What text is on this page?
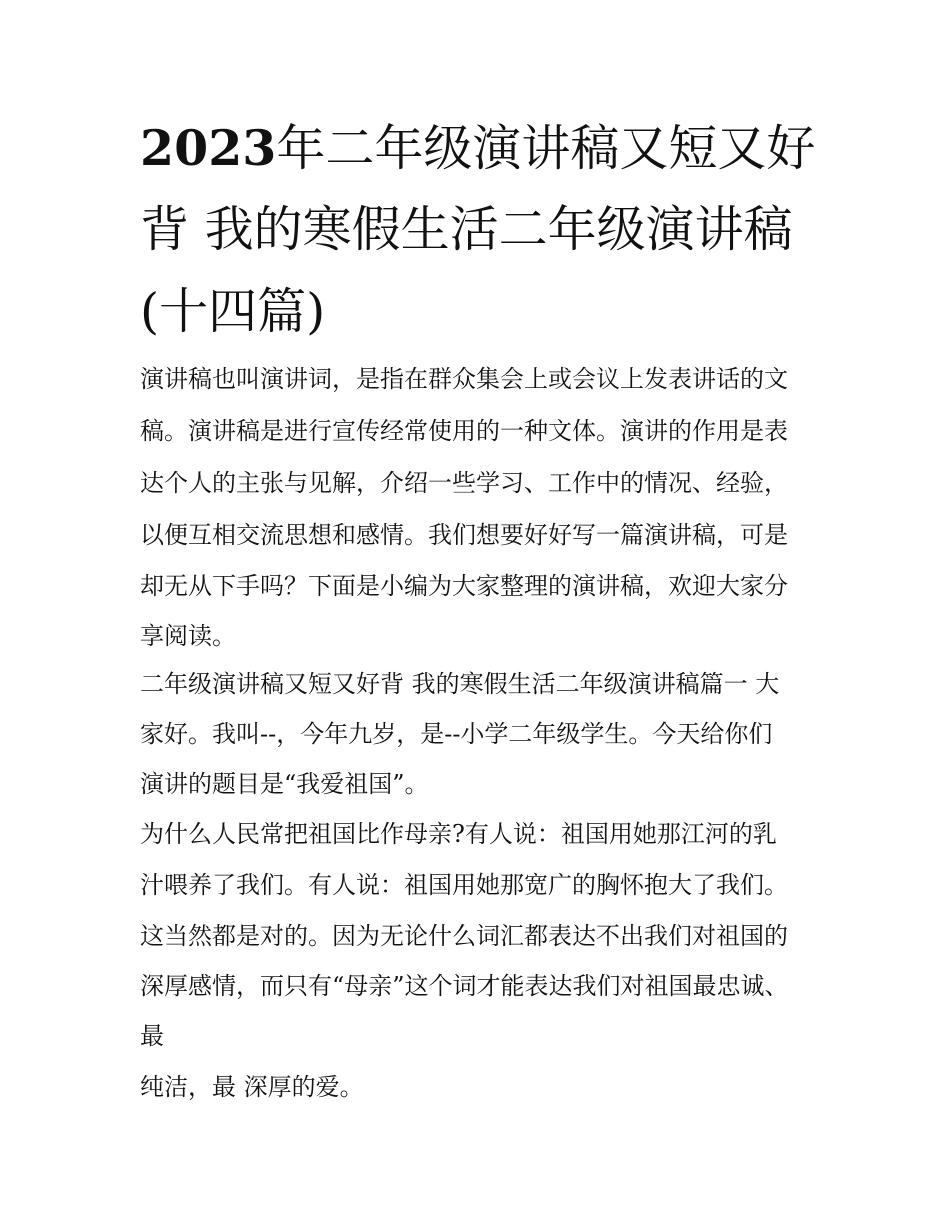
2023年二年级演讲稿又短又好
背 我的寒假生活二年级演讲稿
(十四篇)

演讲稿也叫演讲词，是指在群众集会上或会议上发表讲话的文

稿。演讲稿是进行宣传经常使用的一种文体。演讲的作用是表

达个人的主张与见解，介绍一些学习、工作中的情况、经验，

以便互相交流思想和感情。我们想要好好写一篇演讲稿，可是

却无从下手吗？下面是小编为大家整理的演讲稿，欢迎大家分

享阅读。

二年级演讲稿又短又好背 我的寒假生活二年级演讲稿篇一 大

家好。我叫--，今年九岁，是--小学二年级学生。今天给你们

演讲的题目是“我爱祖国”。

为什么人民常把祖国比作母亲?有人说：祖国用她那江河的乳

汁喂养了我们。有人说：祖国用她那宽广的胸怀抱大了我们。

这当然都是对的。因为无论什么词汇都表达不出我们对祖国的

深厚感情，而只有“母亲”这个词才能表达我们对祖国最忠诚、

最

纯洁，最 深厚的爱。
